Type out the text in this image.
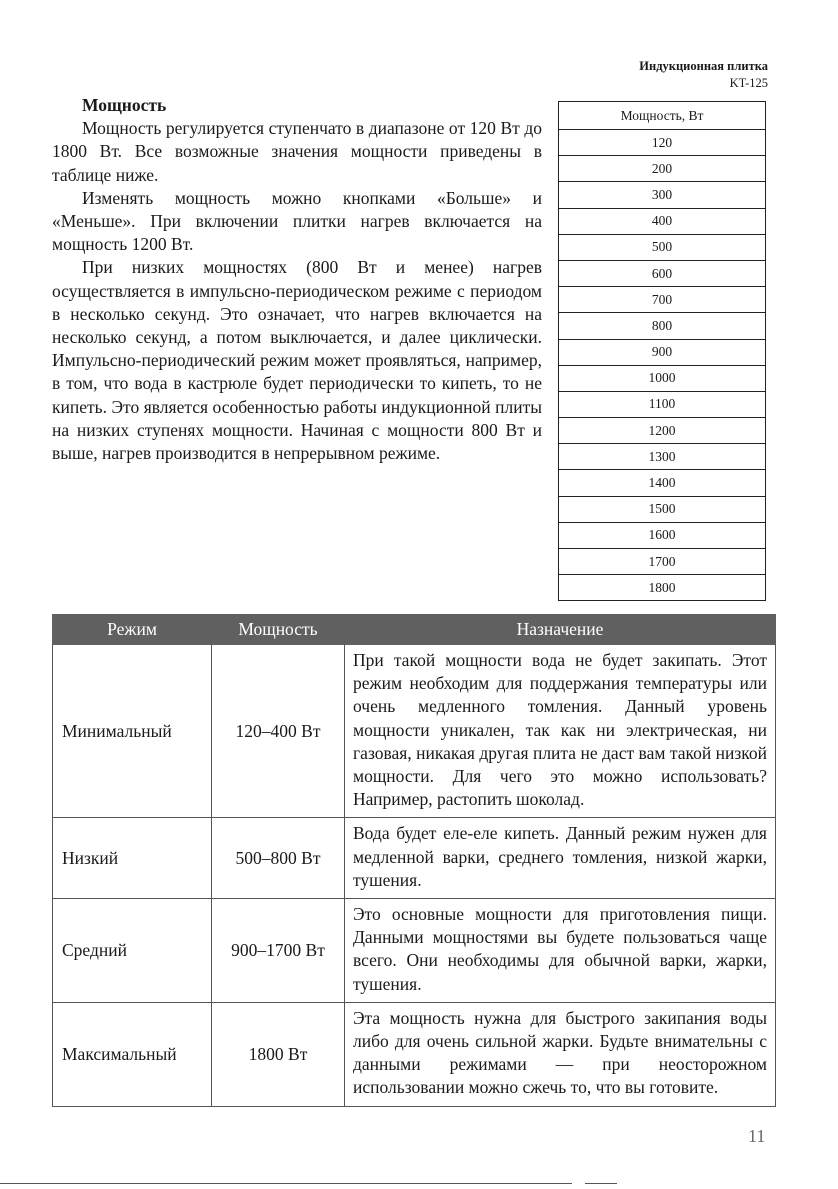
Индукционная плитка
KT-125
Мощность

Мощность регулируется ступенчато в диапазоне от 120 Вт до 1800 Вт. Все возможные значения мощности приведены в таблице ниже.

Изменять мощность можно кнопками «Больше» и «Меньше». При включении плитки нагрев включается на мощность 1200 Вт.

При низких мощностях (800 Вт и менее) нагрев осуществляется в импульсно-периодическом режиме с периодом в несколько секунд. Это означает, что нагрев включается на несколько секунд, а потом выключается, и далее циклически. Импульсно-периодический режим может проявляться, например, в том, что вода в кастрюле будет периодически то кипеть, то не кипеть. Это является особенностью работы индукционной плиты на низких ступенях мощности. Начиная с мощности 800 Вт и выше, нагрев производится в непрерывном режиме.

Мощность, Вт
120
200
300
400
500
600
700
800
900
1000
1100
1200
1300
1400
1500
1600
1700
1800
Режим	Мощность	Назначение
Минимальный	120–400 Вт	При такой мощности вода не будет закипать. Этот режим необходим для поддержания температуры или очень медленного томления. Данный уровень мощности уникален, так как ни электрическая, ни газовая, никакая другая плита не даст вам такой низкой мощности. Для чего это можно использовать? Например, растопить шоколад.
Низкий	500–800 Вт	Вода будет еле-еле кипеть. Данный режим нужен для медленной варки, среднего томления, низкой жарки, тушения.
Средний	900–1700 Вт	Это основные мощности для приготовления пищи. Данными мощностями вы будете пользоваться чаще всего. Они необходимы для обычной варки, жарки, тушения.
Максимальный	1800 Вт	Эта мощность нужна для быстрого закипания воды либо для очень сильной жарки. Будьте внимательны с данными режимами — при неосторожном использовании можно сжечь то, что вы готовите.
11
